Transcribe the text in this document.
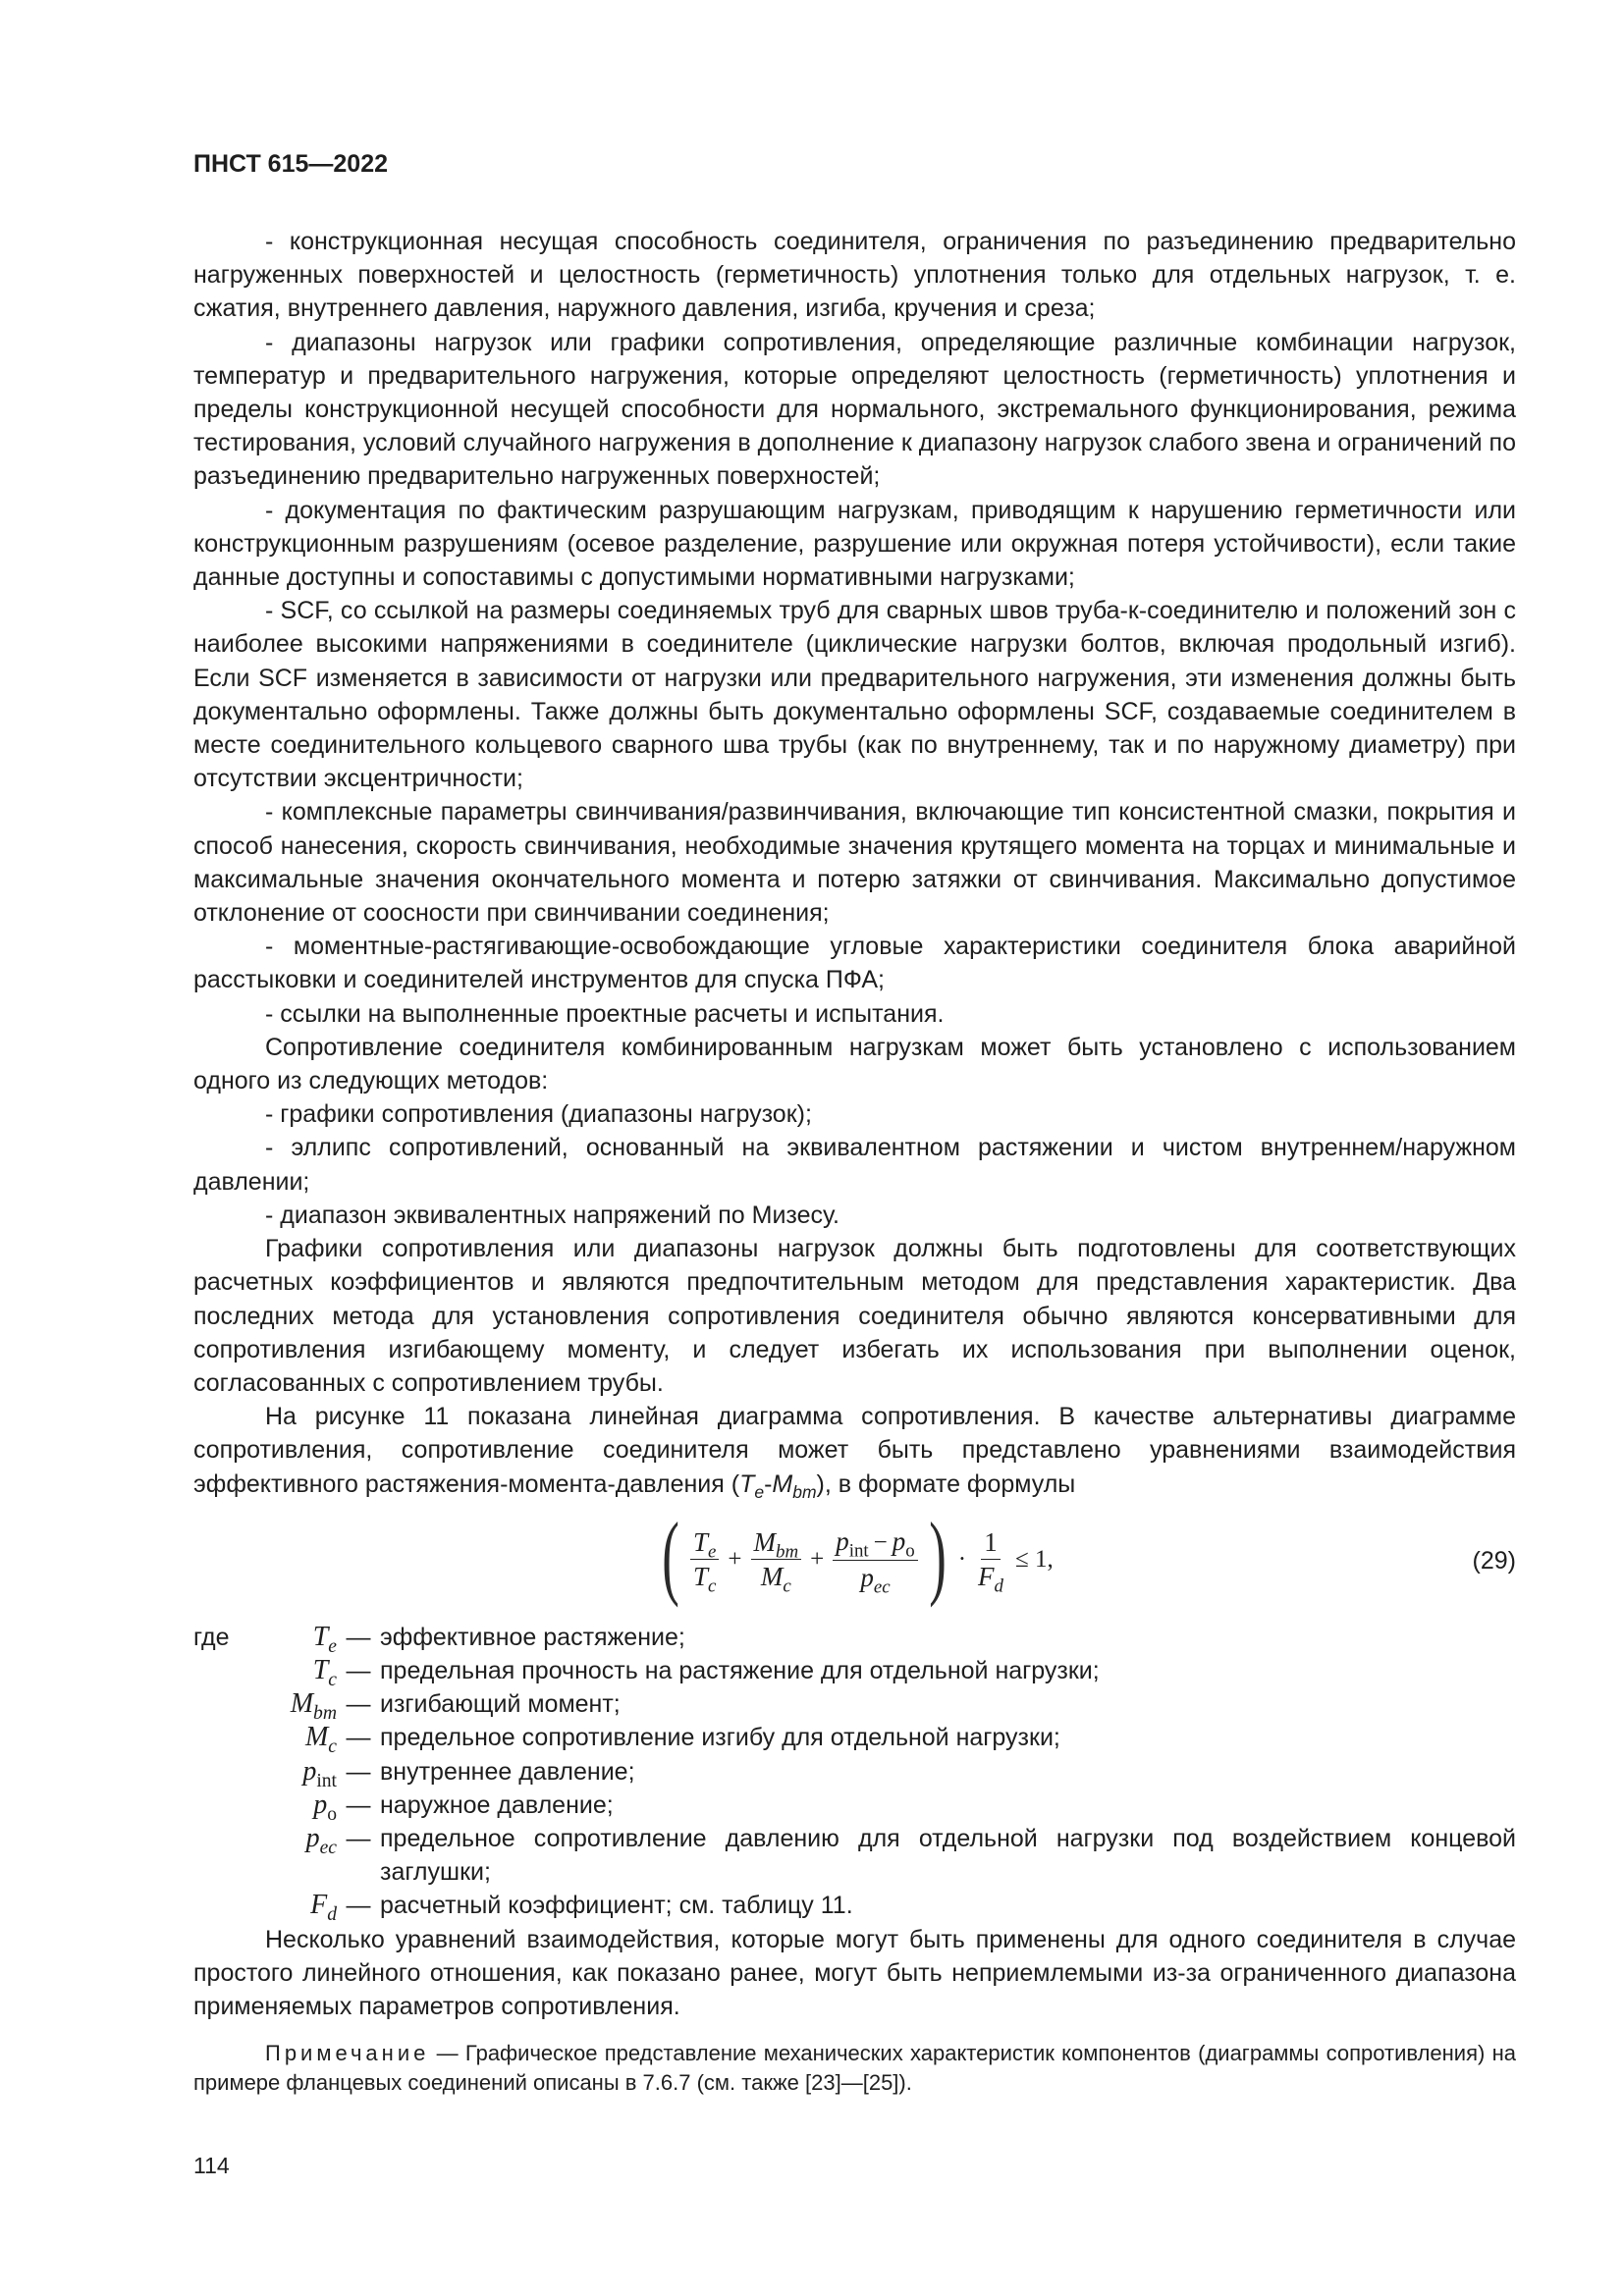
ПНСТ 615—2022

- конструкционная несущая способность соединителя, ограничения по разъединению предварительно нагруженных поверхностей и целостность (герметичность) уплотнения только для отдельных нагрузок, т. е. сжатия, внутреннего давления, наружного давления, изгиба, кручения и среза;

- диапазоны нагрузок или графики сопротивления, определяющие различные комбинации нагрузок, температур и предварительного нагружения, которые определяют целостность (герметичность) уплотнения и пределы конструкционной несущей способности для нормального, экстремального функционирования, режима тестирования, условий случайного нагружения в дополнение к диапазону нагрузок слабого звена и ограничений по разъединению предварительно нагруженных поверхностей;

- документация по фактическим разрушающим нагрузкам, приводящим к нарушению герметичности или конструкционным разрушениям (осевое разделение, разрушение или окружная потеря устойчивости), если такие данные доступны и сопоставимы с допустимыми нормативными нагрузками;

- SCF, со ссылкой на размеры соединяемых труб для сварных швов труба-к-соединителю и положений зон с наиболее высокими напряжениями в соединителе (циклические нагрузки болтов, включая продольный изгиб). Если SCF изменяется в зависимости от нагрузки или предварительного нагружения, эти изменения должны быть документально оформлены. Также должны быть документально оформлены SCF, создаваемые соединителем в месте соединительного кольцевого сварного шва трубы (как по внутреннему, так и по наружному диаметру) при отсутствии эксцентричности;

- комплексные параметры свинчивания/развинчивания, включающие тип консистентной смазки, покрытия и способ нанесения, скорость свинчивания, необходимые значения крутящего момента на торцах и минимальные и максимальные значения окончательного момента и потерю затяжки от свинчивания. Максимально допустимое отклонение от соосности при свинчивании соединения;

- моментные-растягивающие-освобождающие угловые характеристики соединителя блока аварийной расстыковки и соединителей инструментов для спуска ПФА;

- ссылки на выполненные проектные расчеты и испытания.

Сопротивление соединителя комбинированным нагрузкам может быть установлено с использованием одного из следующих методов:

- графики сопротивления (диапазоны нагрузок);

- эллипс сопротивлений, основанный на эквивалентном растяжении и чистом внутреннем/наружном давлении;

- диапазон эквивалентных напряжений по Мизесу.

Графики сопротивления или диапазоны нагрузок должны быть подготовлены для соответствующих расчетных коэффициентов и являются предпочтительным методом для представления характеристик. Два последних метода для установления сопротивления соединителя обычно являются консервативными для сопротивления изгибающему моменту, и следует избегать их использования при выполнении оценок, согласованных с сопротивлением трубы.

На рисунке 11 показана линейная диаграмма сопротивления. В качестве альтернативы диаграмме сопротивления, сопротивление соединителя может быть представлено уравнениями взаимодействия эффективного растяжения-момента-давления $(T_e-M_{bm})$, в формате формулы

( $\frac{T_e}{T_c} + \frac{M_{bm}}{M_c} + \frac{p_{int} - p_o}{p_{ec}}$ ) · $\frac{1}{F_d} \le 1$,	(29)
где	$T_e$ — эффективное растяжение;
$T_c$ — предельная прочность на растяжение для отдельной нагрузки;
$M_{bm}$ — изгибающий момент;
$M_c$ — предельное сопротивление изгибу для отдельной нагрузки;
$p_{int}$ — внутреннее давление;
$p_o$ — наружное давление;
$p_{ec}$ — предельное сопротивление давлению для отдельной нагрузки под воздействием концевой заглушки;
$F_d$ — расчетный коэффициент; см. таблицу 11.

Несколько уравнений взаимодействия, которые могут быть применены для одного соединителя в случае простого линейного отношения, как показано ранее, могут быть неприемлемыми из-за ограниченного диапазона применяемых параметров сопротивления.

Примечание — Графическое представление механических характеристик компонентов (диаграммы сопротивления) на примере фланцевых соединений описаны в 7.6.7 (см. также [23]—[25]).
114
